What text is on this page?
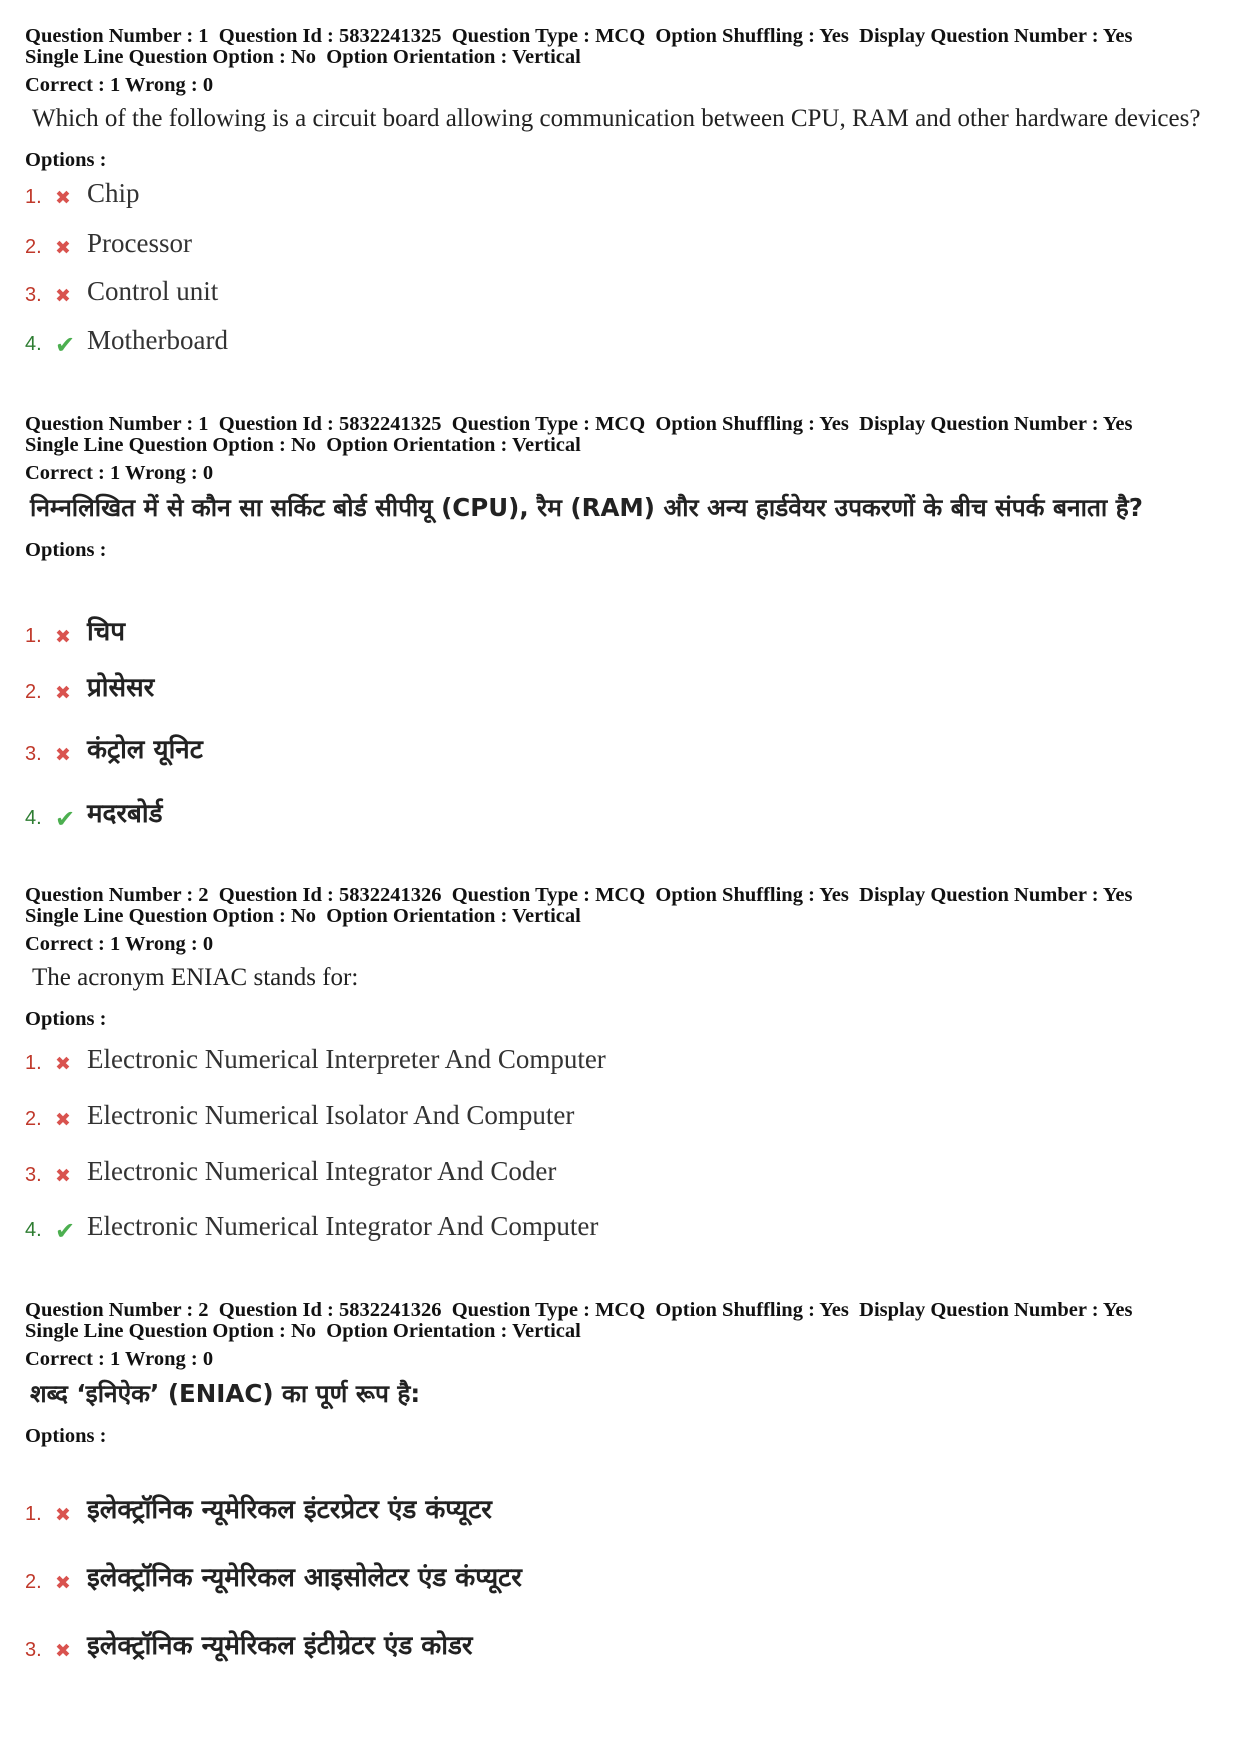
Question Number : 1  Question Id : 5832241325  Question Type : MCQ  Option Shuffling : Yes  Display Question Number : Yes
Single Line Question Option : No  Option Orientation : Vertical
Correct : 1 Wrong : 0
Which of the following is a circuit board allowing communication between CPU, RAM and other hardware devices?
Options :
1. ✖ Chip
2. ✖ Processor
3. ✖ Control unit
4. ✔ Motherboard
Question Number : 1  Question Id : 5832241325  Question Type : MCQ  Option Shuffling : Yes  Display Question Number : Yes
Single Line Question Option : No  Option Orientation : Vertical
Correct : 1 Wrong : 0
निम्नलिखित में से कौन सा सर्किट बोर्ड सीपीयू (CPU), रैम (RAM) और अन्य हार्डवेयर उपकरणों के बीच संपर्क बनाता है?
Options :
1. ✖ चिप
2. ✖ प्रोसेसर
3. ✖ कंट्रोल यूनिट
4. ✔ मदरबोर्ड
Question Number : 2  Question Id : 5832241326  Question Type : MCQ  Option Shuffling : Yes  Display Question Number : Yes
Single Line Question Option : No  Option Orientation : Vertical
Correct : 1 Wrong : 0
The acronym ENIAC stands for:
Options :
1. ✖ Electronic Numerical Interpreter And Computer
2. ✖ Electronic Numerical Isolator And Computer
3. ✖ Electronic Numerical Integrator And Coder
4. ✔ Electronic Numerical Integrator And Computer
Question Number : 2  Question Id : 5832241326  Question Type : MCQ  Option Shuffling : Yes  Display Question Number : Yes
Single Line Question Option : No  Option Orientation : Vertical
Correct : 1 Wrong : 0
शब्द ‘इनिऐक’ (ENIAC) का पूर्ण रूप है:
Options :
1. ✖ इलेक्ट्रॉनिक न्यूमेरिकल इंटरप्रेटर एंड कंप्यूटर
2. ✖ इलेक्ट्रॉनिक न्यूमेरिकल आइसोलेटर एंड कंप्यूटर
3. ✖ इलेक्ट्रॉनिक न्यूमेरिकल इंटीग्रेटर एंड कोडर
